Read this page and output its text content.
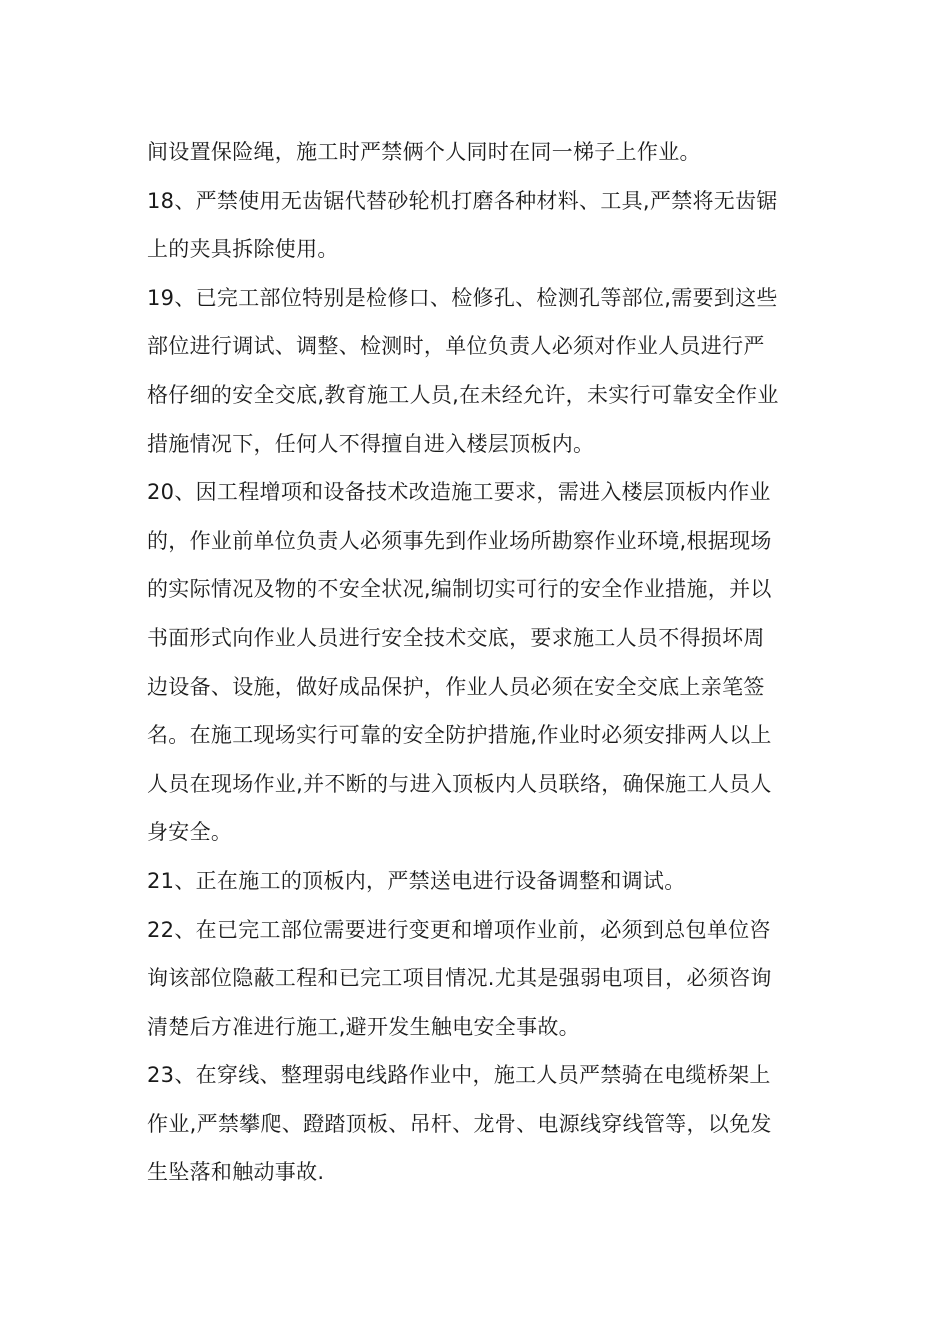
间设置保险绳，施工时严禁俩个人同时在同一梯子上作业。
18、严禁使用无齿锯代替砂轮机打磨各种材料、工具,严禁将无齿锯
上的夹具拆除使用。
19、已完工部位特别是检修口、检修孔、检测孔等部位,需要到这些
部位进行调试、调整、检测时，单位负责人必须对作业人员进行严
格仔细的安全交底,教育施工人员,在未经允许，未实行可靠安全作业
措施情况下，任何人不得擅自进入楼层顶板内。
20、因工程增项和设备技术改造施工要求，需进入楼层顶板内作业
的，作业前单位负责人必须事先到作业场所勘察作业环境,根据现场
的实际情况及物的不安全状况,编制切实可行的安全作业措施，并以
书面形式向作业人员进行安全技术交底，要求施工人员不得损坏周
边设备、设施，做好成品保护，作业人员必须在安全交底上亲笔签
名。在施工现场实行可靠的安全防护措施,作业时必须安排两人以上
人员在现场作业,并不断的与进入顶板内人员联络，确保施工人员人
身安全。
21、正在施工的顶板内，严禁送电进行设备调整和调试。
22、在已完工部位需要进行变更和增项作业前，必须到总包单位咨
询该部位隐蔽工程和已完工项目情况.尤其是强弱电项目，必须咨询
清楚后方准进行施工,避开发生触电安全事故。
23、在穿线、整理弱电线路作业中，施工人员严禁骑在电缆桥架上
作业,严禁攀爬、蹬踏顶板、吊杆、龙骨、电源线穿线管等，以免发
生坠落和触动事故.
